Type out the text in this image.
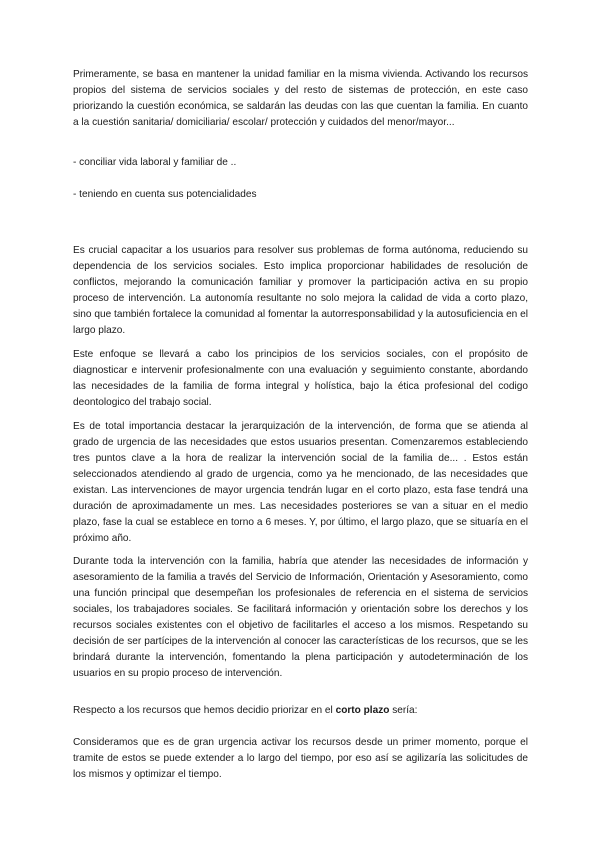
Primeramente, se basa en mantener la unidad familiar en la misma vivienda. Activando los recursos propios del sistema de servicios sociales y del resto de sistemas de protección, en este caso priorizando la cuestión económica, se saldarán las deudas con las que cuentan la familia. En cuanto a la cuestión sanitaria/ domiciliaria/ escolar/ protección y cuidados del menor/mayor...

- conciliar vida laboral y familiar de ..

- teniendo en cuenta sus potencialidades

Es crucial capacitar a los usuarios para resolver sus problemas de forma autónoma, reduciendo su dependencia de los servicios sociales. Esto implica proporcionar habilidades de resolución de conflictos, mejorando la comunicación familiar y promover la participación activa en su propio proceso de intervención. La autonomía resultante no solo mejora la calidad de vida a corto plazo, sino que también fortalece la comunidad al fomentar la autorresponsabilidad y la autosuficiencia en el largo plazo.

Este enfoque se llevará a cabo los principios de los servicios sociales, con el propósito de diagnosticar e intervenir profesionalmente con una evaluación y seguimiento constante, abordando las necesidades de la familia de forma integral y holística, bajo la ética profesional del codigo deontologico del trabajo social.

Es de total importancia destacar la jerarquización de la intervención, de forma que se atienda al grado de urgencia de las necesidades que estos usuarios presentan. Comenzaremos estableciendo tres puntos clave a la hora de realizar la intervención social de la familia de... . Estos están seleccionados atendiendo al grado de urgencia, como ya he mencionado, de las necesidades que existan. Las intervenciones de mayor urgencia tendrán lugar en el corto plazo, esta fase tendrá una duración de aproximadamente un mes. Las necesidades posteriores se van a situar en el medio plazo, fase la cual se establece en torno a 6 meses. Y, por último, el largo plazo, que se situaría en el próximo año.

Durante toda la intervención con la familia, habría que atender las necesidades de información y asesoramiento de la familia a través del Servicio de Información, Orientación y Asesoramiento, como una función principal que desempeñan los profesionales de referencia en el sistema de servicios sociales, los trabajadores sociales. Se facilitará información y orientación sobre los derechos y los recursos sociales existentes con el objetivo de facilitarles el acceso a los mismos. Respetando su decisión de ser partícipes de la intervención al conocer las características de los recursos, que se les brindará durante la intervención, fomentando la plena participación y autodeterminación de los usuarios en su propio proceso de intervención.

Respecto a los recursos que hemos decidio priorizar en el corto plazo sería:

Consideramos que es de gran urgencia activar los recursos desde un primer momento, porque el tramite de estos se puede extender a lo largo del tiempo, por eso así se agilizaría las solicitudes de los mismos y optimizar el tiempo.
